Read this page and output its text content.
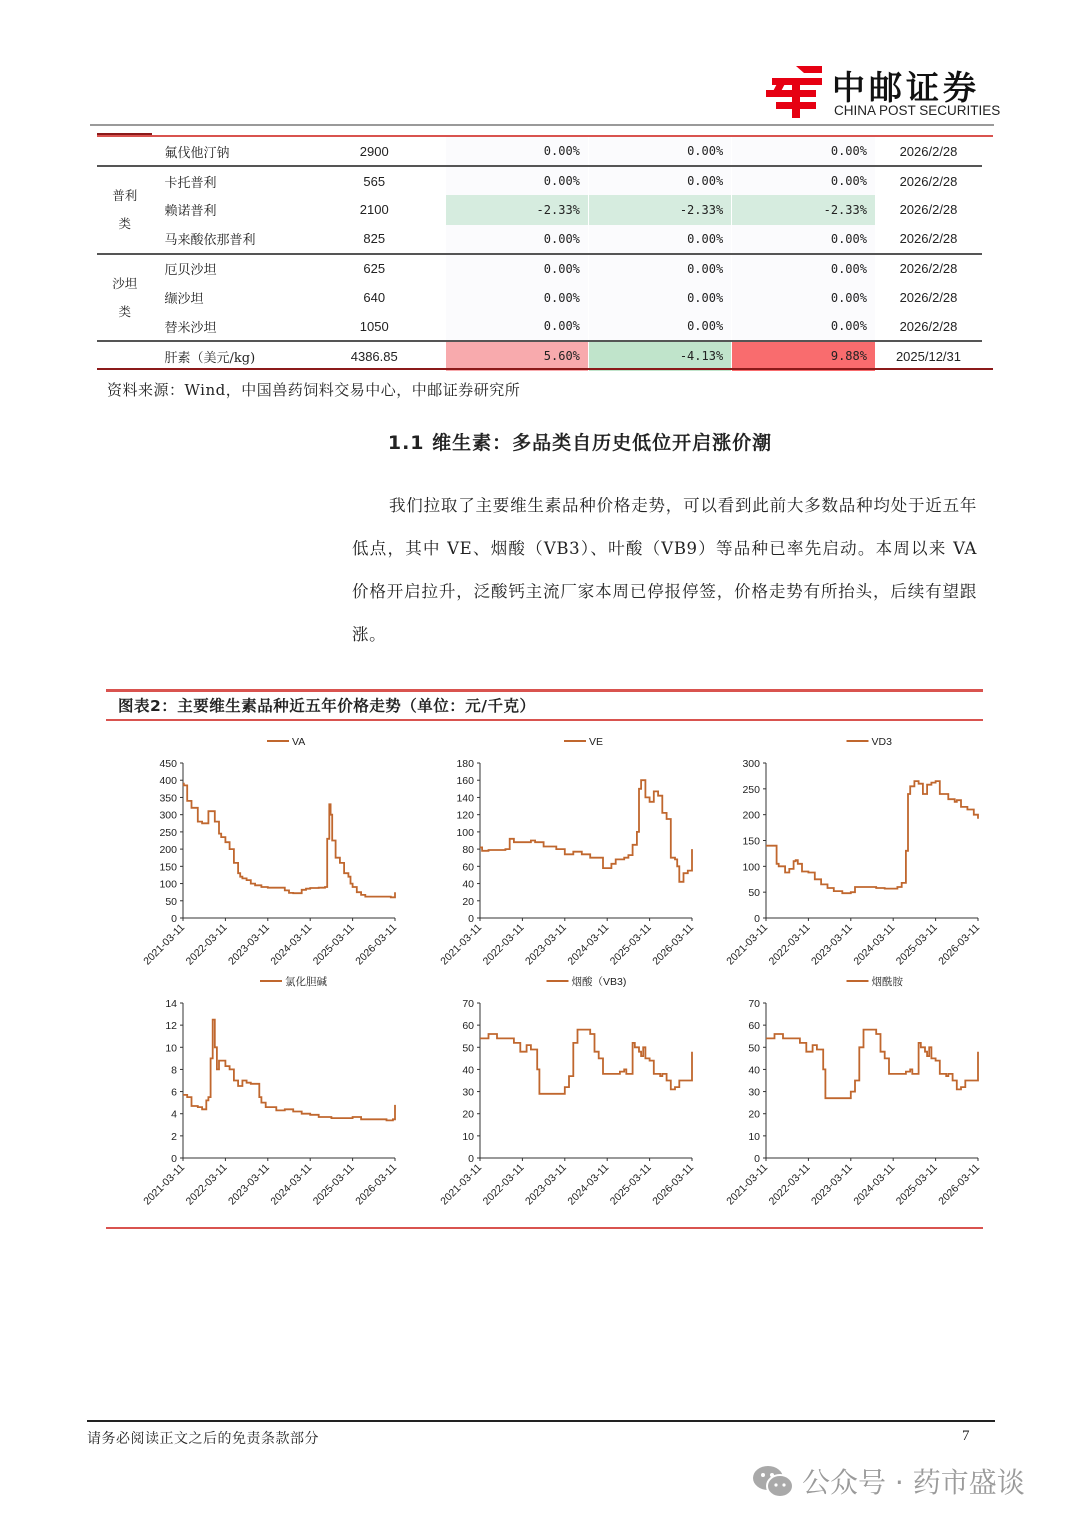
中邮证券
CHINA POST SECURITIES
	氟伐他汀钠	2900	0.00%	0.00%	0.00%	2026/2/28
普利
类	卡托普利	565	0.00%	0.00%	0.00%	2026/2/28
	赖诺普利	2100	-2.33%	-2.33%	-2.33%	2026/2/28
	马来酸依那普利	825	0.00%	0.00%	0.00%	2026/2/28
沙坦
类	厄贝沙坦	625	0.00%	0.00%	0.00%	2026/2/28
	缬沙坦	640	0.00%	0.00%	0.00%	2026/2/28
	替米沙坦	1050	0.00%	0.00%	0.00%	2026/2/28
	肝素（美元/kg)	4386.85	5.60%	-4.13%	9.88%	2025/12/31
资料来源：Wind，中国兽药饲料交易中心，中邮证券研究所
1.1 维生素：多品类自历史低位开启涨价潮
我们拉取了主要维生素品种价格走势，可以看到此前大多数品种均处于近五年低点，其中 VE、烟酸（VB3）、叶酸（VB9）等品种已率先启动。本周以来 VA 价格开启拉升，泛酸钙主流厂家本周已停报停签，价格走势有所抬头，后续有望跟涨。
图表2：主要维生素品种近五年价格走势（单位：元/千克）
VA
0
50
100
150
200
250
300
350
400
450
2021-03-11
2022-03-11
2023-03-11
2024-03-11
2025-03-11
2026-03-11
VE
0
20
40
60
80
100
120
140
160
180
2021-03-11
2022-03-11
2023-03-11
2024-03-11
2025-03-11
2026-03-11
VD3
0
50
100
150
200
250
300
2021-03-11
2022-03-11
2023-03-11
2024-03-11
2025-03-11
2026-03-11
氯化胆碱
0
2
4
6
8
10
12
14
2021-03-11
2022-03-11
2023-03-11
2024-03-11
2025-03-11
2026-03-11
烟酸（VB3)
0
10
20
30
40
50
60
70
2021-03-11
2022-03-11
2023-03-11
2024-03-11
2025-03-11
2026-03-11
烟酰胺
0
10
20
30
40
50
60
70
2021-03-11
2022-03-11
2023-03-11
2024-03-11
2025-03-11
2026-03-11
请务必阅读正文之后的免责条款部分	7
公众号 · 药市盛谈
